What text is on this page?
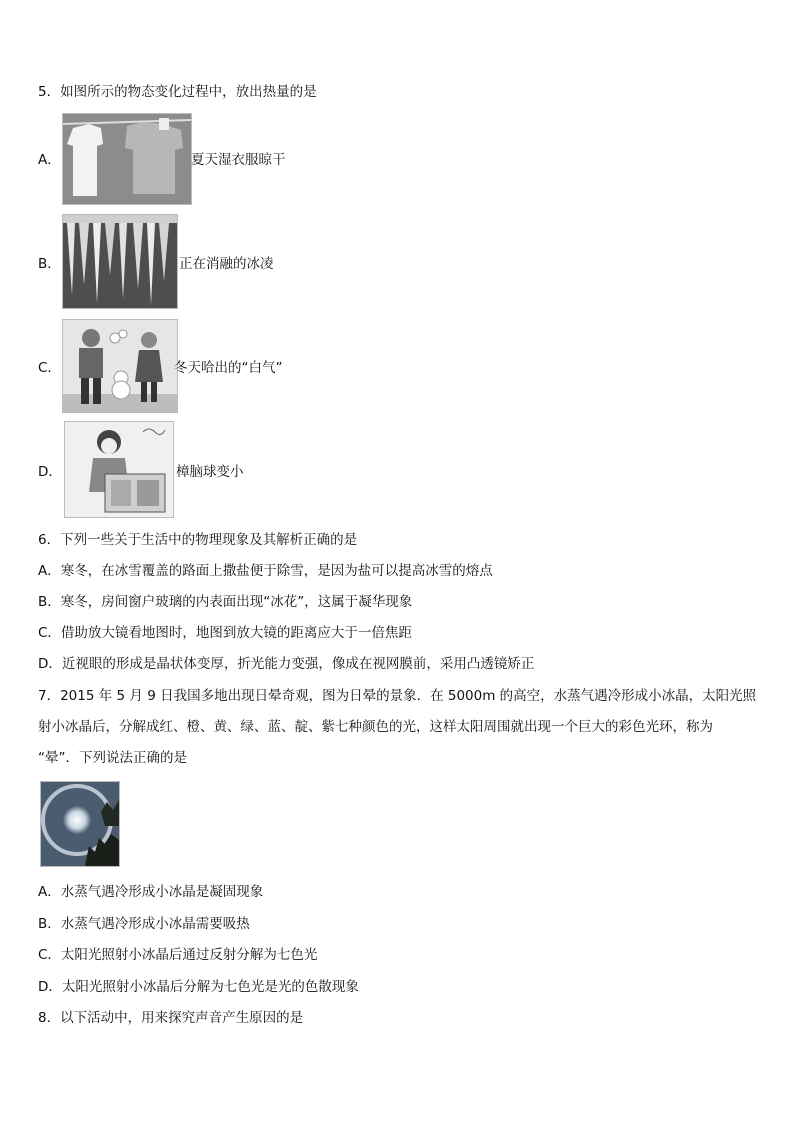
5．如图所示的物态变化过程中，放出热量的是
A．	夏天湿衣服晾干
B．	正在消融的冰凌
C．	冬天哈出的“白气”
D．	樟脑球变小
6．下列一些关于生活中的物理现象及其解析正确的是
A．寒冬，在冰雪覆盖的路面上撒盐便于除雪，是因为盐可以提高冰雪的熔点
B．寒冬，房间窗户玻璃的内表面出现“冰花”，这属于凝华现象
C．借助放大镜看地图时，地图到放大镜的距离应大于一倍焦距
D．近视眼的形成是晶状体变厚，折光能力变强，像成在视网膜前，采用凸透镜矫正
7．2015 年 5 月 9 日我国多地出现日晕奇观，图为日晕的景象．在 5000m 的高空，水蒸气遇冷形成小冰晶，太阳光照
射小冰晶后，分解成红、橙、黄、绿、蓝、靛、紫七种颜色的光，这样太阳周围就出现一个巨大的彩色光环，称为
“晕”．下列说法正确的是
A．水蒸气遇冷形成小冰晶是凝固现象
B．水蒸气遇冷形成小冰晶需要吸热
C．太阳光照射小冰晶后通过反射分解为七色光
D．太阳光照射小冰晶后分解为七色光是光的色散现象
8．以下活动中，用来探究声音产生原因的是
